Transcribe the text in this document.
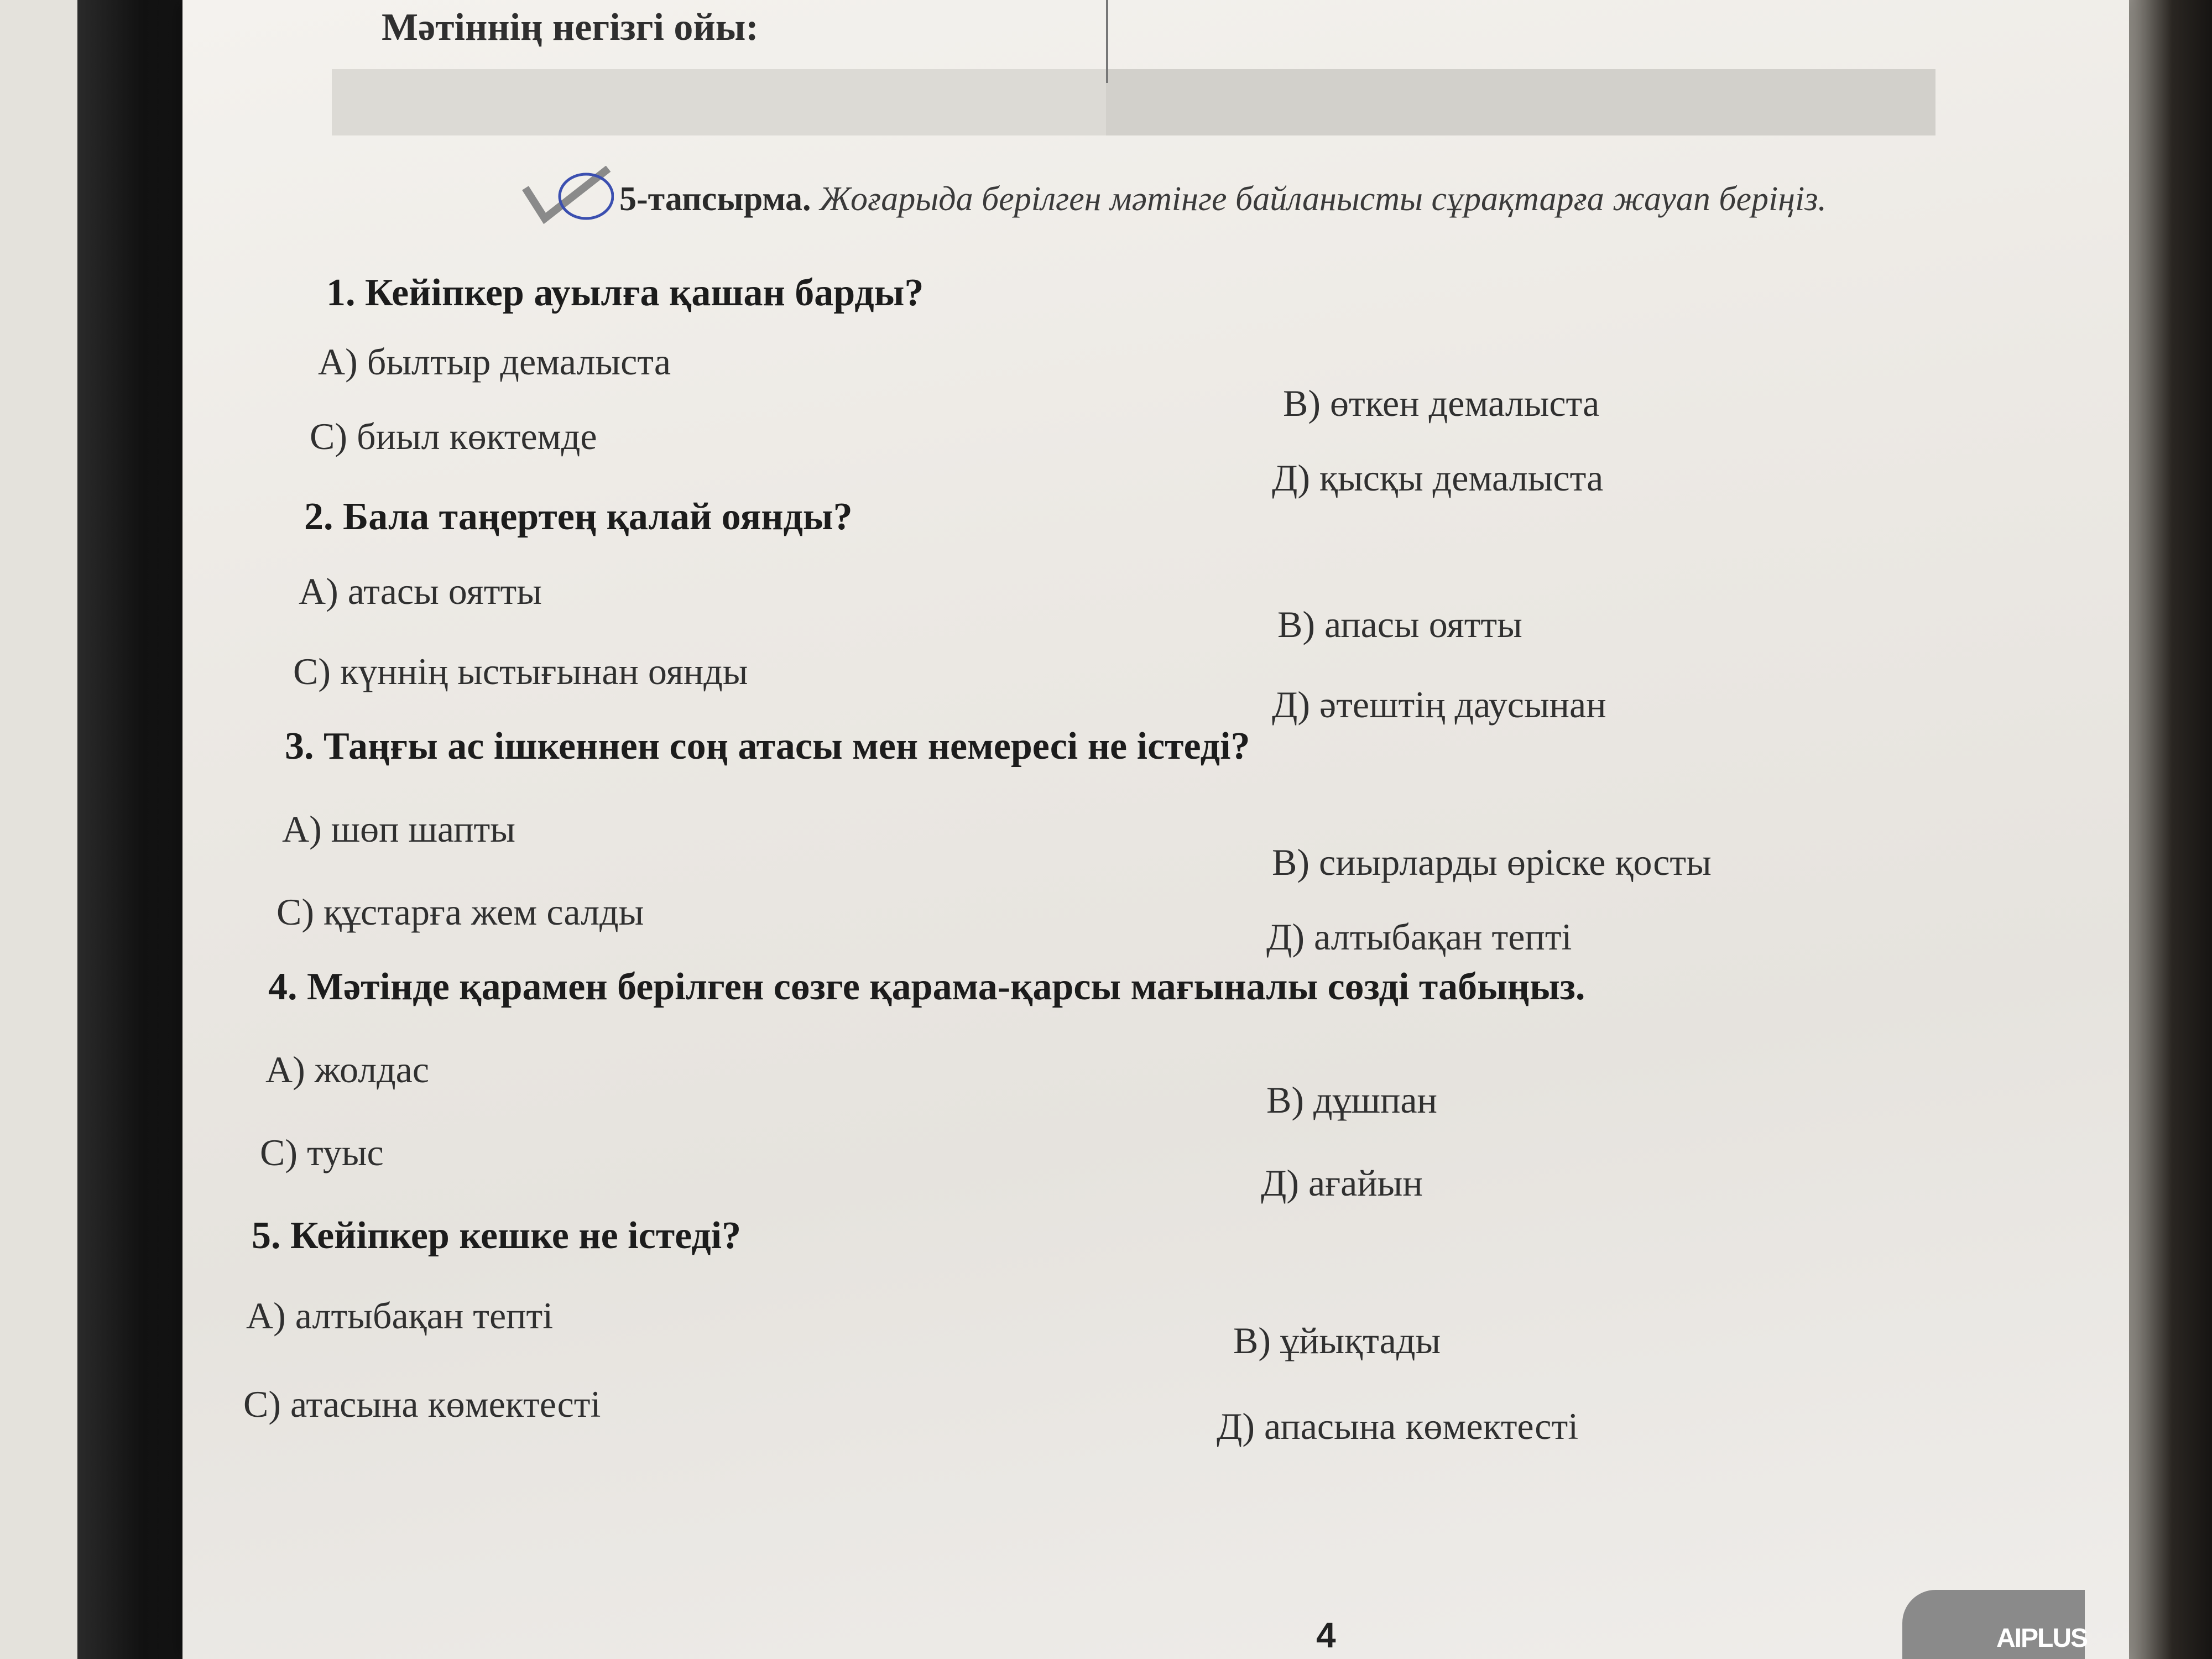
Мәтіннің негізгі ойы:
5-тапсырма. Жоғарыда берілген мәтінге байланысты сұрақтарға жауап беріңіз.
1. Кейіпкер ауылға қашан барды?
А) былтыр демалыста
В) өткен демалыста
С) биыл көктемде
Д) қысқы демалыста
2. Бала таңертең қалай оянды?
А) атасы оятты
В) апасы оятты
С) күннің ыстығынан оянды
Д) әтештің даусынан
3. Таңғы ас ішкеннен соң атасы мен немересі не істеді?
А) шөп шапты
В) сиырларды өріске қосты
С) құстарға жем салды
Д) алтыбақан тепті
4. Мәтінде қарамен берілген сөзге қарама-қарсы мағыналы сөзді табыңыз.
А) жолдас
В) дұшпан
С) туыс
Д) ағайын
5. Кейіпкер кешке не істеді?
А) алтыбақан тепті
В) ұйықтады
С) атасына көмектесті
Д) апасына көмектесті
4	AIPLUS
